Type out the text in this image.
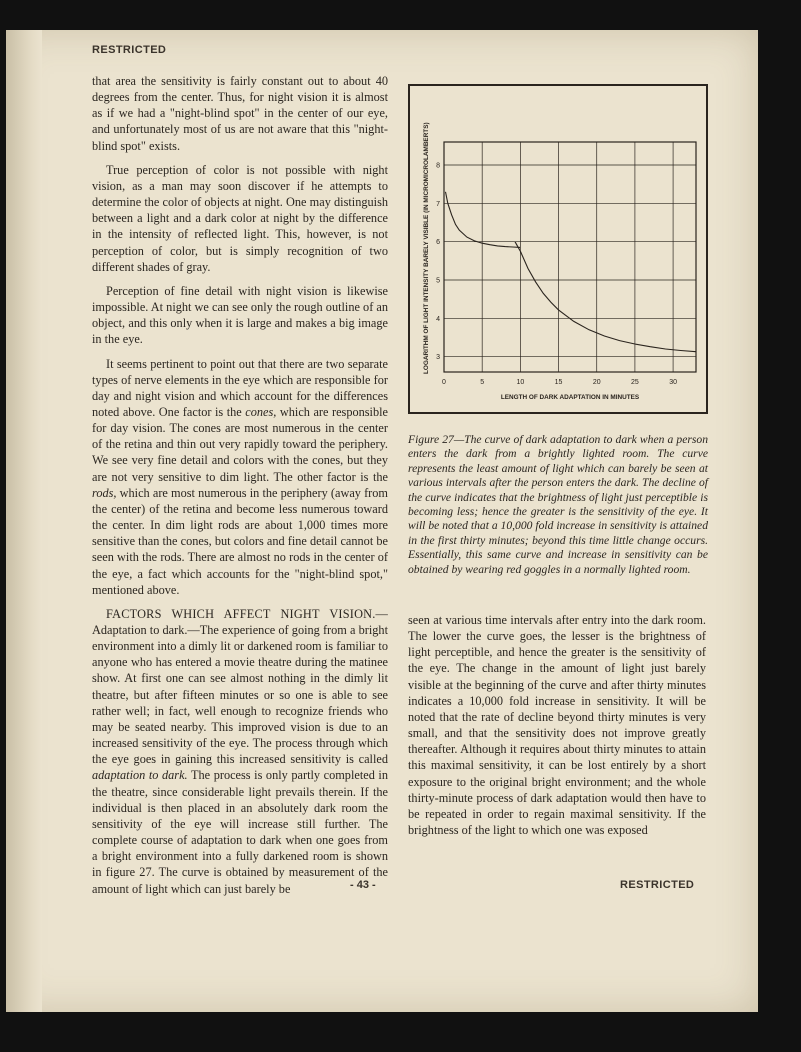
RESTRICTED

that area the sensitivity is fairly constant out to about 40 degrees from the center. Thus, for night vision it is almost as if we had a "night-blind spot" in the center of our eye, and unfortunately most of us are not aware that this "night-blind spot" exists.

True perception of color is not possible with night vision, as a man may soon discover if he attempts to determine the color of objects at night. One may distinguish between a light and a dark color at night by the difference in the intensity of reflected light. This, however, is not perception of color, but is simply recognition of two different shades of gray.

Perception of fine detail with night vision is likewise impossible. At night we can see only the rough outline of an object, and this only when it is large and makes a big image in the eye.

It seems pertinent to point out that there are two separate types of nerve elements in the eye which are responsible for day and night vision and which account for the differences noted above. One factor is the cones, which are responsible for day vision. The cones are most numerous in the center of the retina and thin out very rapidly toward the periphery. We see very fine detail and colors with the cones, but they are not very sensitive to dim light. The other factor is the rods, which are most numerous in the periphery (away from the center) of the retina and become less numerous toward the center. In dim light rods are about 1,000 times more sensitive than the cones, but colors and fine detail cannot be seen with the rods. There are almost no rods in the center of the eye, a fact which accounts for the "night-blind spot," mentioned above.

FACTORS WHICH AFFECT NIGHT VISION.— Adaptation to dark.—The experience of going from a bright environment into a dimly lit or darkened room is familiar to anyone who has entered a movie theatre during the matinee show. At first one can see almost nothing in the dimly lit theatre, but after fifteen minutes or so one is able to see rather well; in fact, well enough to recognize friends who may be seated nearby. This improved vision is due to an increased sensitivity of the eye. The process through which the eye goes in gaining this increased sensitivity is called adaptation to dark. The process is only partly completed in the theatre, since considerable light prevails therein. If the individual is then placed in an absolutely dark room the sensitivity of the eye will increase still further. The complete course of adaptation to dark when one goes from a bright environment into a fully darkened room is shown in figure 27. The curve is obtained by measurement of the amount of light which can just barely be

0	5	10	15	20	25	30
3
4
5
6
7
8
LOGARITHM OF LIGHT INTENSITY BARELY VISIBLE (IN MICROMICROLAMBERTS)
LENGTH OF DARK ADAPTATION IN MINUTES
Figure 27—The curve of dark adaptation to dark when a person enters the dark from a brightly lighted room. The curve represents the least amount of light which can barely be seen at various intervals after the person enters the dark. The decline of the curve indicates that the brightness of light just perceptible is becoming less; hence the greater is the sensitivity of the eye. It will be noted that a 10,000 fold increase in sensitivity is attained in the first thirty minutes; beyond this time little change occurs. Essentially, this same curve and increase in sensitivity can be obtained by wearing red goggles in a normally lighted room.

seen at various time intervals after entry into the dark room. The lower the curve goes, the lesser is the brightness of light perceptible, and hence the greater is the sensitivity of the eye. The change in the amount of light just barely visible at the beginning of the curve and after thirty minutes indicates a 10,000 fold increase in sensitivity. It will be noted that the rate of decline beyond thirty minutes is very small, and that the sensitivity does not improve greatly thereafter. Although it requires about thirty minutes to attain this maximal sensitivity, it can be lost entirely by a short exposure to the original bright environment; and the whole thirty-minute process of dark adaptation would then have to be repeated in order to regain maximal sensitivity. If the brightness of the light to which one was exposed

- 43 -	RESTRICTED
